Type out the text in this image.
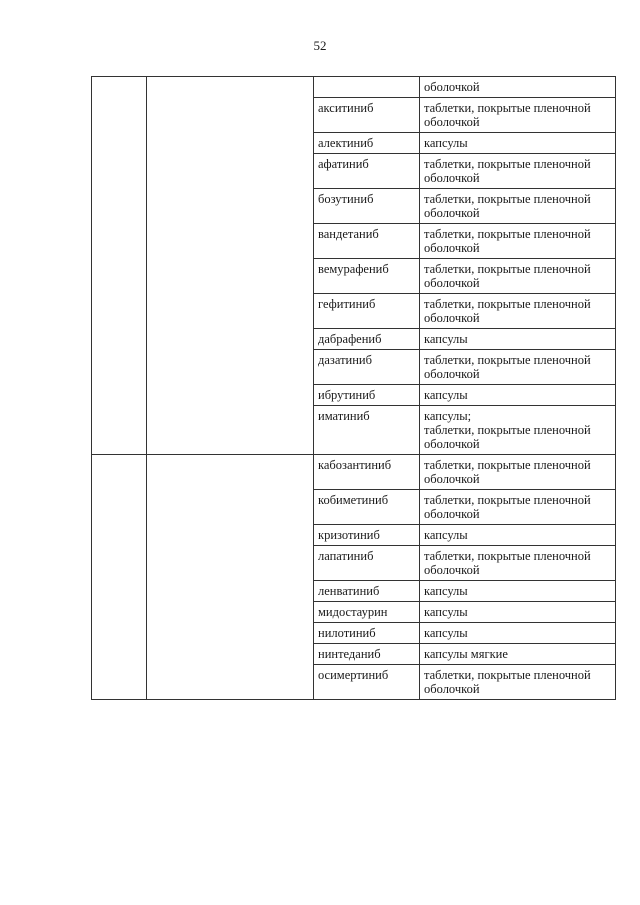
52

			оболочкой

		акситиниб	таблетки, покрытые пленочной оболочкой

		алектиниб	капсулы

		афатиниб	таблетки, покрытые пленочной оболочкой

		бозутиниб	таблетки, покрытые пленочной оболочкой

		вандетаниб	таблетки, покрытые пленочной оболочкой

		вемурафениб	таблетки, покрытые пленочной оболочкой

		гефитиниб	таблетки, покрытые пленочной оболочкой

		дабрафениб	капсулы

		дазатиниб	таблетки, покрытые пленочной оболочкой

		ибрутиниб	капсулы

		иматиниб	капсулы;
таблетки, покрытые пленочной оболочкой

		кабозантиниб	таблетки, покрытые пленочной оболочкой

		кобиметиниб	таблетки, покрытые пленочной оболочкой

		кризотиниб	капсулы

		лапатиниб	таблетки, покрытые пленочной оболочкой

		ленватиниб	капсулы

		мидостаурин	капсулы

		нилотиниб	капсулы

		нинтеданиб	капсулы мягкие

		осимертиниб	таблетки, покрытые пленочной оболочкой
